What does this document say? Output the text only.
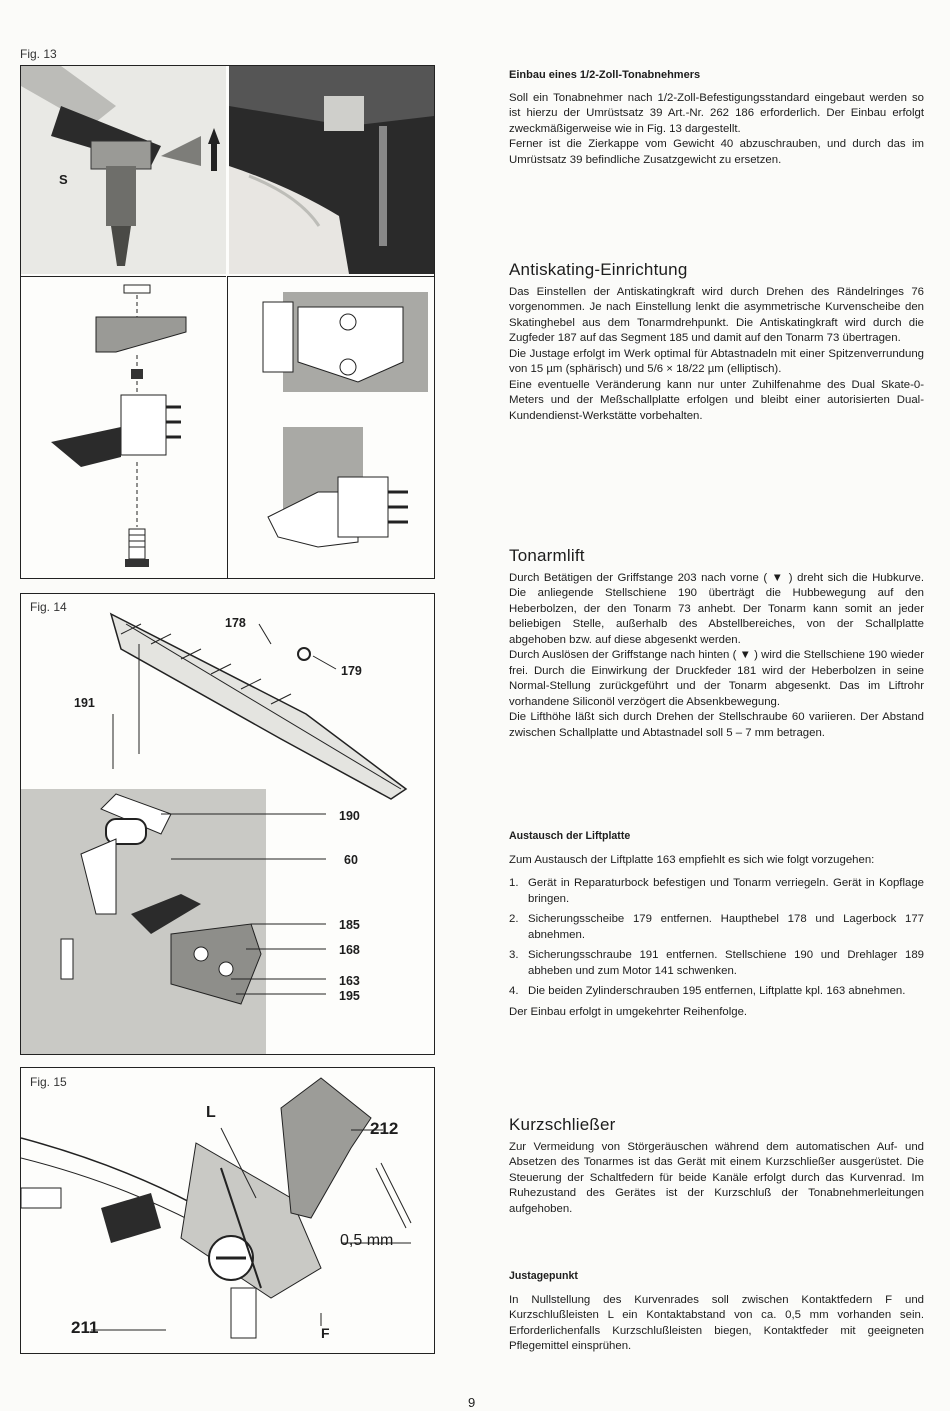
Fig. 13
S
Fig. 14
178
179
191
190
60
185
168
163
195
Fig. 15
L
212
0,5 mm
211	F
Einbau eines 1/2-Zoll-Tonabnehmers

Soll ein Tonabnehmer nach 1/2-Zoll-Befestigungsstandard eingebaut werden so ist hierzu der Umrüstsatz 39 Art.-Nr. 262 186 erforderlich. Der Einbau erfolgt zweckmäßigerweise wie in Fig. 13 dargestellt.

Ferner ist die Zierkappe vom Gewicht 40 abzuschrauben, und durch das im Umrüstsatz 39 befindliche Zusatzgewicht zu ersetzen.

Antiskating-Einrichtung

Das Einstellen der Antiskatingkraft wird durch Drehen des Rändelringes 76 vorgenommen. Je nach Einstellung lenkt die asymmetrische Kurvenscheibe den Skatinghebel aus dem Tonarmdrehpunkt. Die Antiskatingkraft wird durch die Zugfeder 187 auf das Segment 185 und damit auf den Tonarm 73 übertragen.

Die Justage erfolgt im Werk optimal für Abtastnadeln mit einer Spitzenverrundung von 15 µm (sphärisch) und 5/6 × 18/22 µm (elliptisch).

Eine eventuelle Veränderung kann nur unter Zuhilfenahme des Dual Skate-0-Meters und der Meßschallplatte erfolgen und bleibt einer autorisierten Dual-Kundendienst-Werkstätte vorbehalten.

Tonarmlift

Durch Betätigen der Griffstange 203 nach vorne ( ▼ ) dreht sich die Hubkurve. Die anliegende Stellschiene 190 überträgt die Hubbewegung auf den Heberbolzen, der den Tonarm 73 anhebt. Der Tonarm kann somit an jeder beliebigen Stelle, außerhalb des Abstellbereiches, von der Schallplatte abgehoben bzw. auf diese abgesenkt werden.

Durch Auslösen der Griffstange nach hinten ( ▼ ) wird die Stellschiene 190 wieder frei. Durch die Einwirkung der Druckfeder 181 wird der Heberbolzen in seine Normal-Stellung zurückgeführt und der Tonarm abgesenkt. Das im Liftrohr vorhandene Siliconöl verzögert die Absenkbewegung.

Die Lifthöhe läßt sich durch Drehen der Stellschraube 60 variieren. Der Abstand zwischen Schallplatte und Abtastnadel soll 5 – 7 mm betragen.

Austausch der Liftplatte

Zum Austausch der Liftplatte 163 empfiehlt es sich wie folgt vorzugehen:

1. Gerät in Reparaturbock befestigen und Tonarm verriegeln. Gerät in Kopflage bringen.
2. Sicherungsscheibe 179 entfernen. Haupthebel 178 und Lagerbock 177 abnehmen.
3. Sicherungsschraube 191 entfernen. Stellschiene 190 und Drehlager 189 abheben und zum Motor 141 schwenken.
4. Die beiden Zylinderschrauben 195 entfernen, Liftplatte kpl. 163 abnehmen.

Der Einbau erfolgt in umgekehrter Reihenfolge.

Kurzschließer

Zur Vermeidung von Störgeräuschen während dem automatischen Auf- und Absetzen des Tonarmes ist das Gerät mit einem Kurzschließer ausgerüstet. Die Steuerung der Schaltfedern für beide Kanäle erfolgt durch das Kurvenrad. Im Ruhezustand des Gerätes ist der Kurzschluß der Tonabnehmerleitungen aufgehoben.

Justagepunkt

In Nullstellung des Kurvenrades soll zwischen Kontaktfedern F und Kurzschlußleisten L ein Kontaktabstand von ca. 0,5 mm vorhanden sein. Erforderlichenfalls Kurzschlußleisten biegen, Kontaktfeder mit geeigneten Pflegemittel einsprühen.

9
